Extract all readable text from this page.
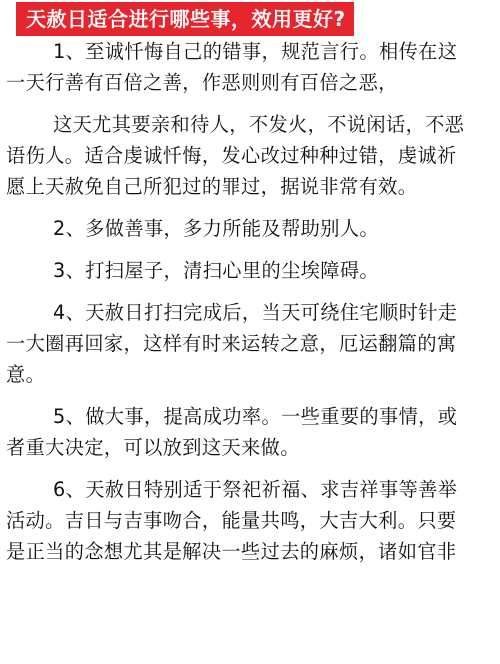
天赦日适合进行哪些事，效用更好?
1、至诚忏悔自己的错事，规范言行。相传在这
一天行善有百倍之善，作恶则则有百倍之恶，
这天尤其要亲和待人，不发火，不说闲话，不恶
语伤人。适合虔诚忏悔，发心改过种种过错，虔诚祈
愿上天赦免自己所犯过的罪过，据说非常有效。
2、多做善事，多力所能及帮助别人。
3、打扫屋子，清扫心里的尘埃障碍。
4、天赦日打扫完成后，当天可绕住宅顺时针走
一大圈再回家，这样有时来运转之意，厄运翻篇的寓
意。
5、做大事，提高成功率。一些重要的事情，或
者重大决定，可以放到这天来做。
6、天赦日特别适于祭祀祈福、求吉祥事等善举
活动。吉日与吉事吻合，能量共鸣，大吉大利。只要
是正当的念想尤其是解决一些过去的麻烦，诸如官非
